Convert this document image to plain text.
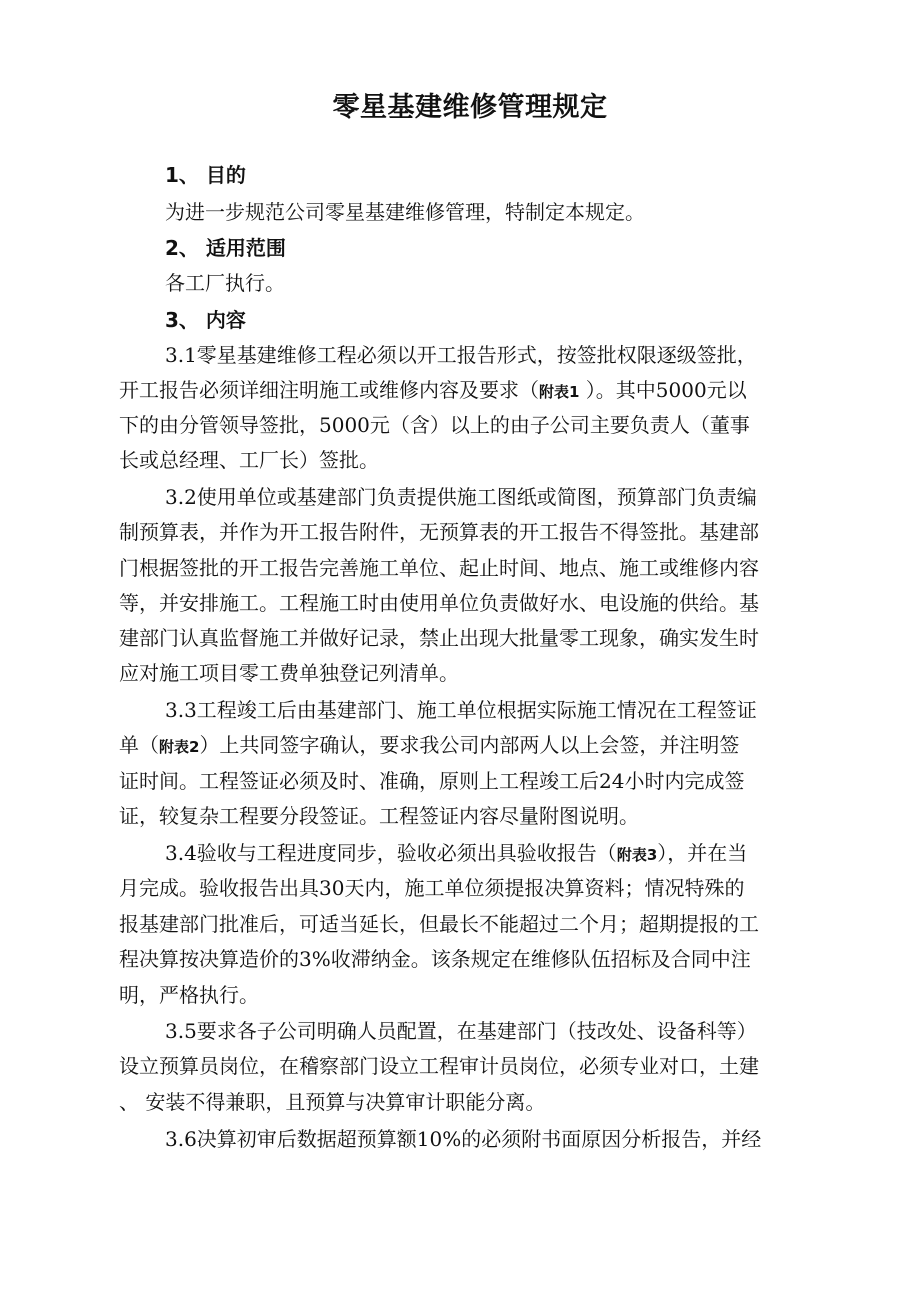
零星基建维修管理规定
1、 目的
为进一步规范公司零星基建维修管理，特制定本规定。
2、 适用范围
各工厂执行。
3、 内容
3.1零星基建维修工程必须以开工报告形式，按签批权限逐级签批，
开工报告必须详细注明施工或维修内容及要求（附表1 ）。其中5000元以
下的由分管领导签批，5000元（含）以上的由子公司主要负责人（董事
长或总经理、工厂长）签批。
3.2使用单位或基建部门负责提供施工图纸或简图，预算部门负责编
制预算表，并作为开工报告附件，无预算表的开工报告不得签批。基建部
门根据签批的开工报告完善施工单位、起止时间、地点、施工或维修内容
等，并安排施工。工程施工时由使用单位负责做好水、电设施的供给。基
建部门认真监督施工并做好记录，禁止出现大批量零工现象，确实发生时
应对施工项目零工费单独登记列清单。
3.3工程竣工后由基建部门、施工单位根据实际施工情况在工程签证
单（附表2）上共同签字确认，要求我公司内部两人以上会签，并注明签
证时间。工程签证必须及时、准确，原则上工程竣工后24小时内完成签
证，较复杂工程要分段签证。工程签证内容尽量附图说明。
3.4验收与工程进度同步，验收必须出具验收报告（附表3），并在当
月完成。验收报告出具30天内，施工单位须提报决算资料；情况特殊的
报基建部门批准后，可适当延长，但最长不能超过二个月；超期提报的工
程决算按决算造价的3%收滞纳金。该条规定在维修队伍招标及合同中注
明，严格执行。
3.5要求各子公司明确人员配置，在基建部门（技改处、设备科等）
设立预算员岗位，在稽察部门设立工程审计员岗位，必须专业对口，土建
、 安装不得兼职，且预算与决算审计职能分离。
3.6决算初审后数据超预算额10%的必须附书面原因分析报告，并经
